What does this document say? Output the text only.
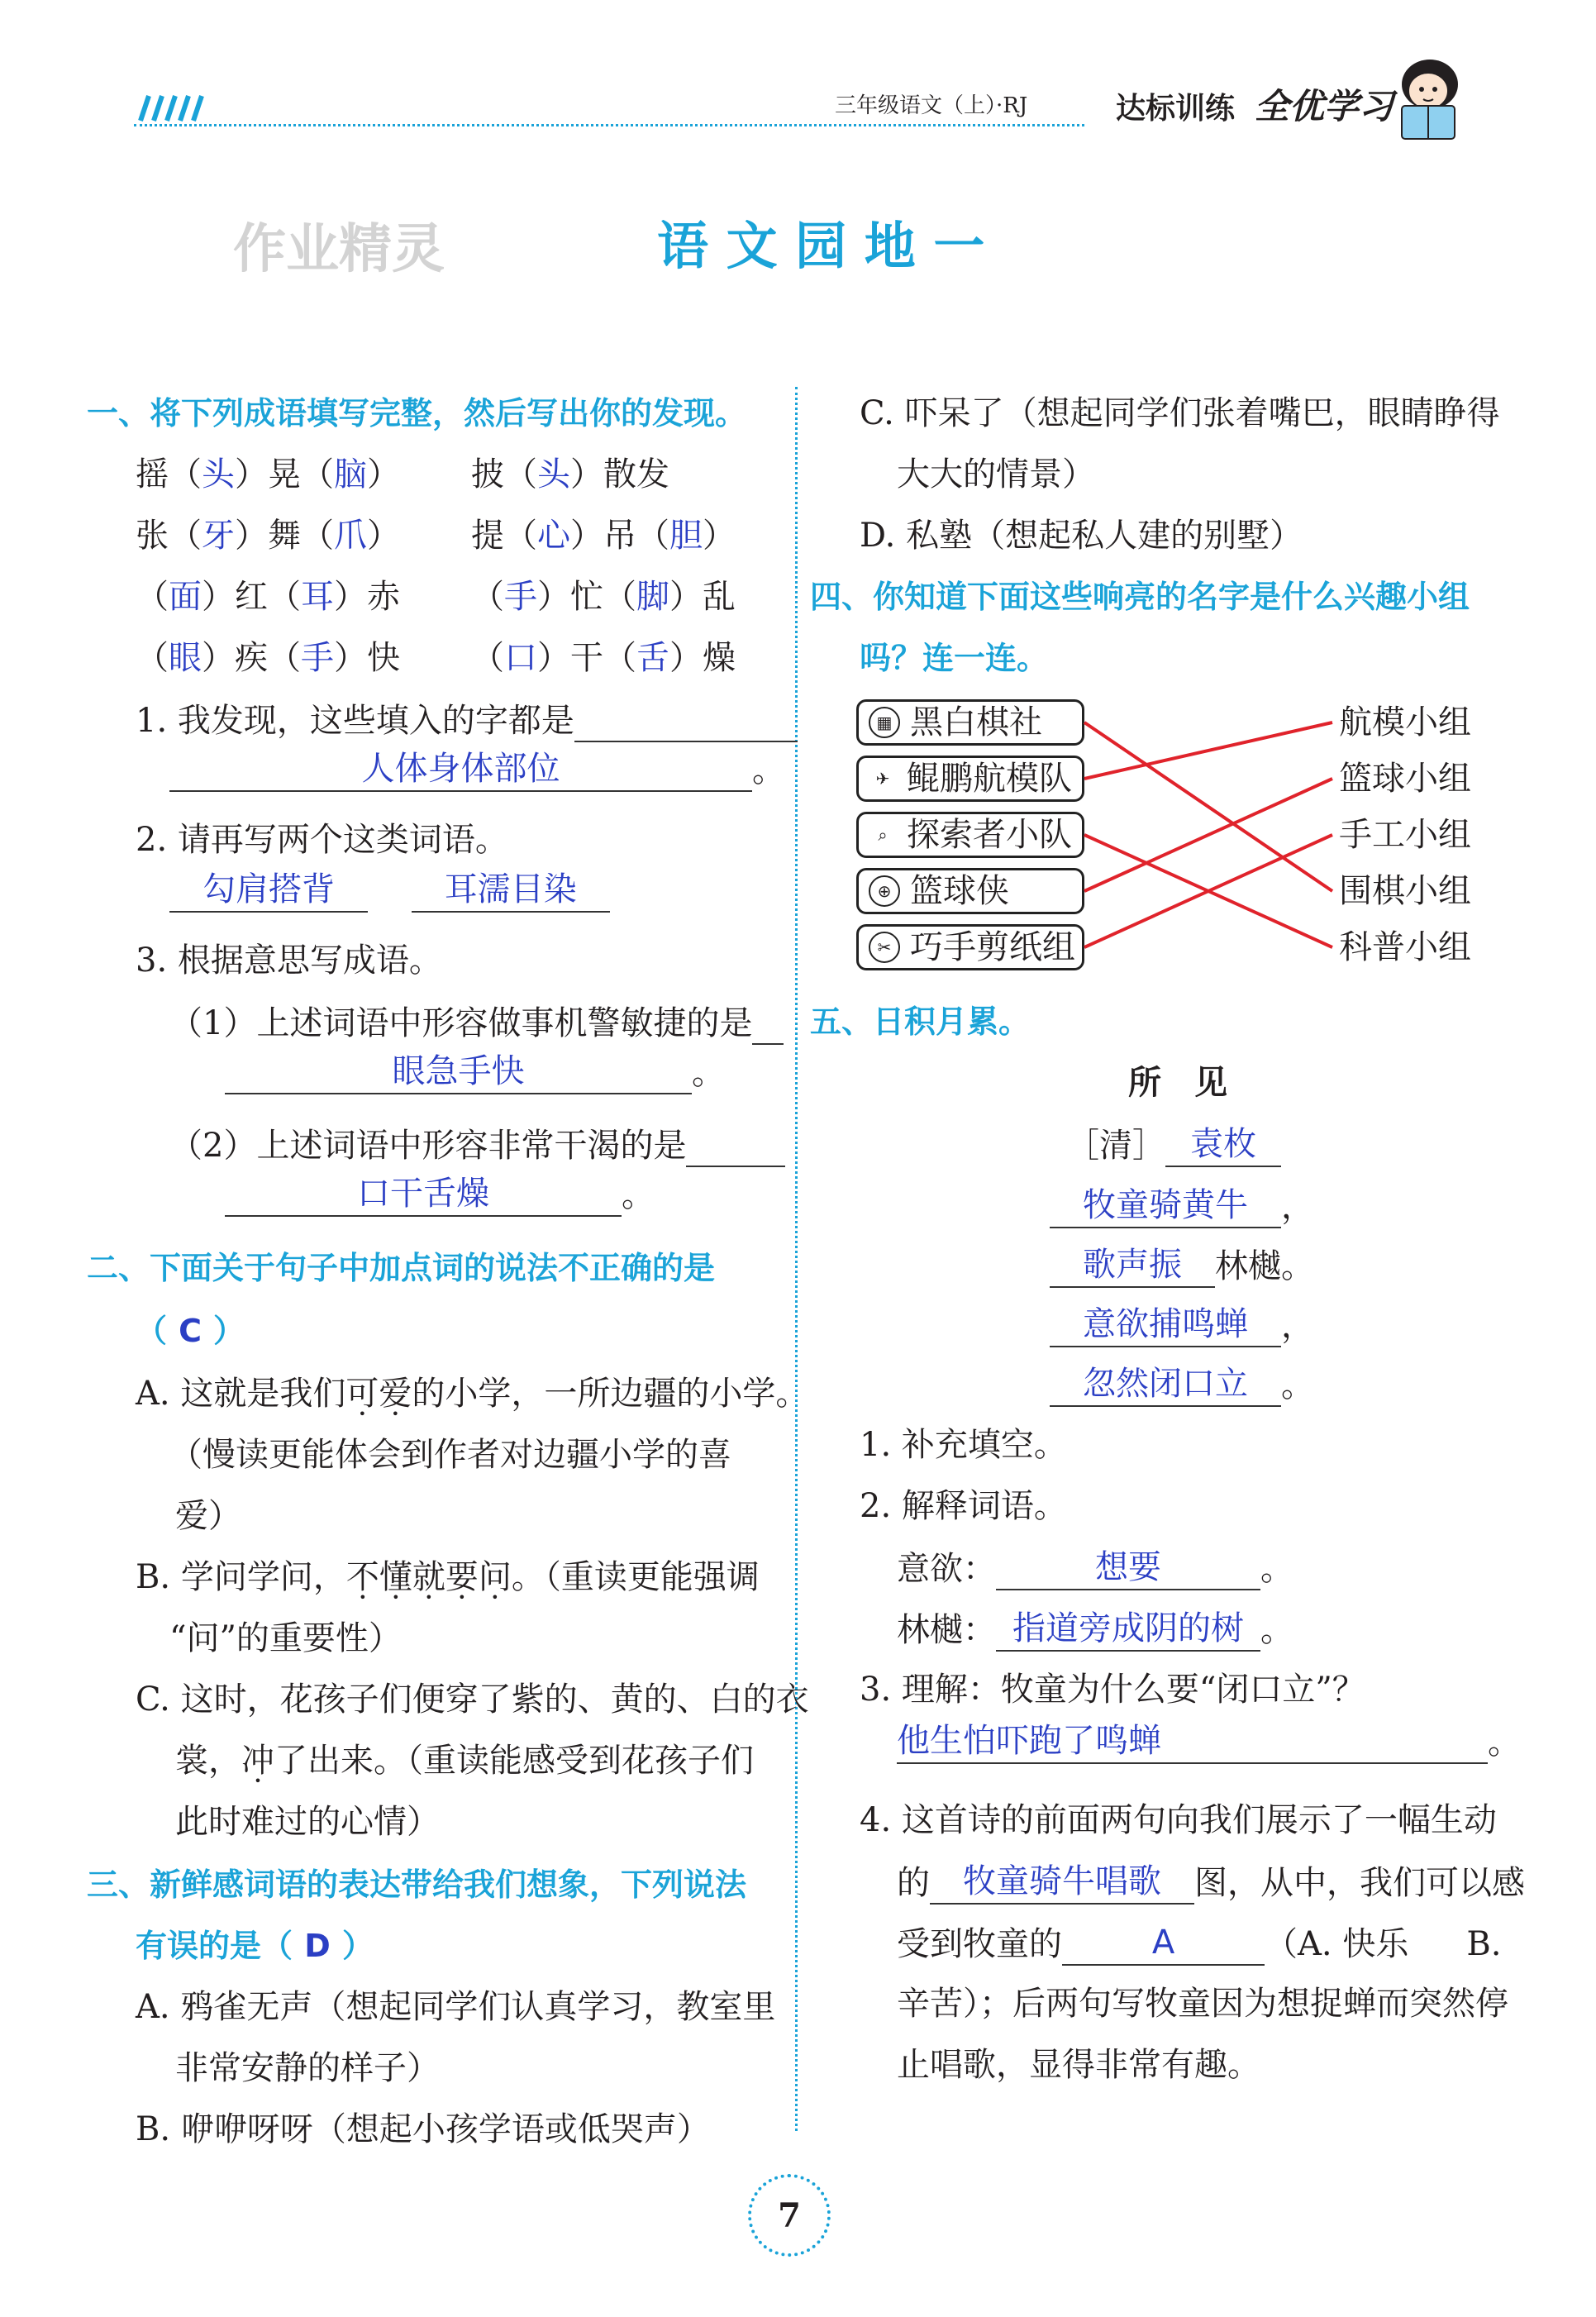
三年级语文（上）·RJ	达标训练 全优学习
作业精灵	语 文 园 地 一
一、将下列成语填写完整，然后写出你的发现。
摇（头）晃（脑） 披（头）散发
张（牙）舞（爪） 提（心）吊（胆）
（面）红（耳）赤 （手）忙（脚）乱
（眼）疾（手）快 （口）干（舌）燥
1. 我发现，这些填入的字都是
人体身体部位	。
2. 请再写两个这类词语。
勾肩搭背	耳濡目染
3. 根据意思写成语。
（1）上述词语中形容做事机警敏捷的是
眼急手快	。
（2）上述词语中形容非常干渴的是
口干舌燥	。
二、下面关于句子中加点词的说法不正确的是
（ C ）
A. 这就是我们可爱的小学，一所边疆的小学。
（慢读更能体会到作者对边疆小学的喜
爱）
B. 学问学问，不懂就要问。（重读更能强调
“问”的重要性）
C. 这时，花孩子们便穿了紫的、黄的、白的衣
裳，冲了出来。（重读能感受到花孩子们
此时难过的心情）
三、新鲜感词语的表达带给我们想象，下列说法
有误的是（ D ）
A. 鸦雀无声（想起同学们认真学习，教室里
非常安静的样子）
B. 咿咿呀呀（想起小孩学语或低哭声）
C. 吓呆了（想起同学们张着嘴巴，眼睛睁得
大大的情景）
D. 私塾（想起私人建的别墅）
四、你知道下面这些响亮的名字是什么兴趣小组
吗？连一连。
▦ 黑白棋社
✈ 鲲鹏航模队
⌕ 探索者小队
⊕ 篮球侠
✂ 巧手剪纸组
航模小组
篮球小组
手工小组
围棋小组
科普小组
五、日积月累。
所　见
［清］ 袁枚
牧童骑黄牛 ，
歌声振 林樾。
意欲捕鸣蝉 ，
忽然闭口立 。
1. 补充填空。
2. 解释词语。
意欲：	想要	。
林樾： 指道旁成阴的树 。
3. 理解：牧童为什么要“闭口立”？
他生怕吓跑了鸣蝉	。
4. 这首诗的前面两句向我们展示了一幅生动
的 牧童骑牛唱歌 图，从中，我们可以感
受到牧童的	A	（A. 快乐 B.
辛苦）；后两句写牧童因为想捉蝉而突然停
止唱歌，显得非常有趣。
7
